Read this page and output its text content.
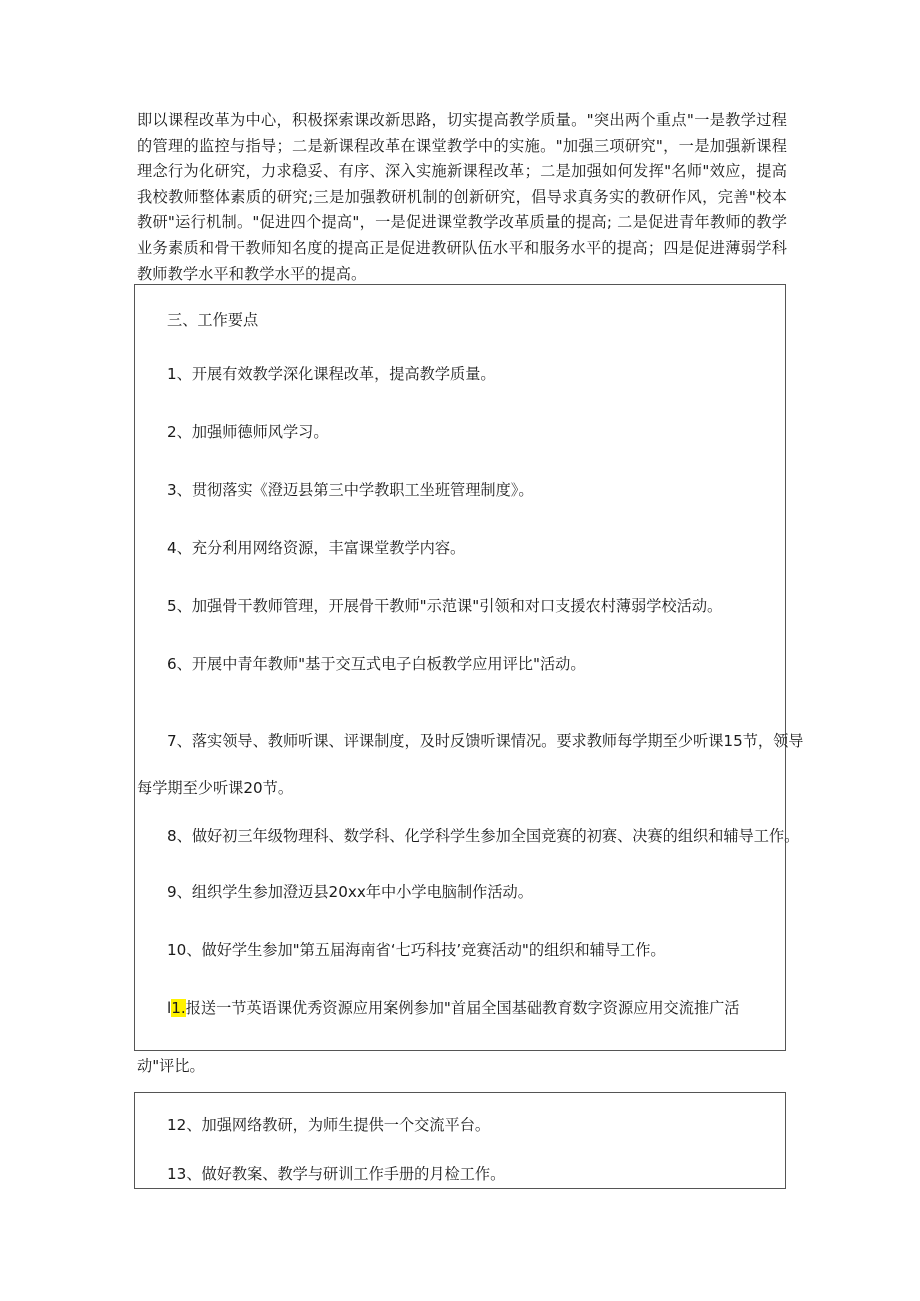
即以课程改革为中心，积极探索课改新思路，切实提高教学质量。"突出两个重点"一是教学过程的管理的监控与指导；二是新课程改革在课堂教学中的实施。"加强三项研究"，一是加强新课程理念行为化研究，力求稳妥、有序、深入实施新课程改革；二是加强如何发挥"名师"效应，提高我校教师整体素质的研究;三是加强教研机制的创新研究，倡导求真务实的教研作风，完善"校本教研"运行机制。"促进四个提高"，一是促进课堂教学改革质量的提高; 二是促进青年教师的教学业务素质和骨干教师知名度的提高正是促进教研队伍水平和服务水平的提高；四是促进薄弱学科教师教学水平和教学水平的提高。

三、工作要点

1、开展有效教学深化课程改革，提高教学质量。

2、加强师德师风学习。

3、贯彻落实《澄迈县第三中学教职工坐班管理制度》。

4、充分利用网络资源，丰富课堂教学内容。

5、加强骨干教师管理，开展骨干教师"示范课"引领和对口支援农村薄弱学校活动。

6、开展中青年教师"基于交互式电子白板教学应用评比"活动。

7、落实领导、教师听课、评课制度，及时反馈听课情况。要求教师每学期至少听课15节，领导

每学期至少听课20节。

8、做好初三年级物理科、数学科、化学科学生参加全国竞赛的初赛、决赛的组织和辅导工作。

9、组织学生参加澄迈县20xx年中小学电脑制作活动。

10、做好学生参加"第五届海南省‘七巧科技’竞赛活动"的组织和辅导工作。

l1.报送一节英语课优秀资源应用案例参加"首届全国基础教育数字资源应用交流推广活

动"评比。

12、加强网络教研，为师生提供一个交流平台。

13、做好教案、教学与研训工作手册的月检工作。
